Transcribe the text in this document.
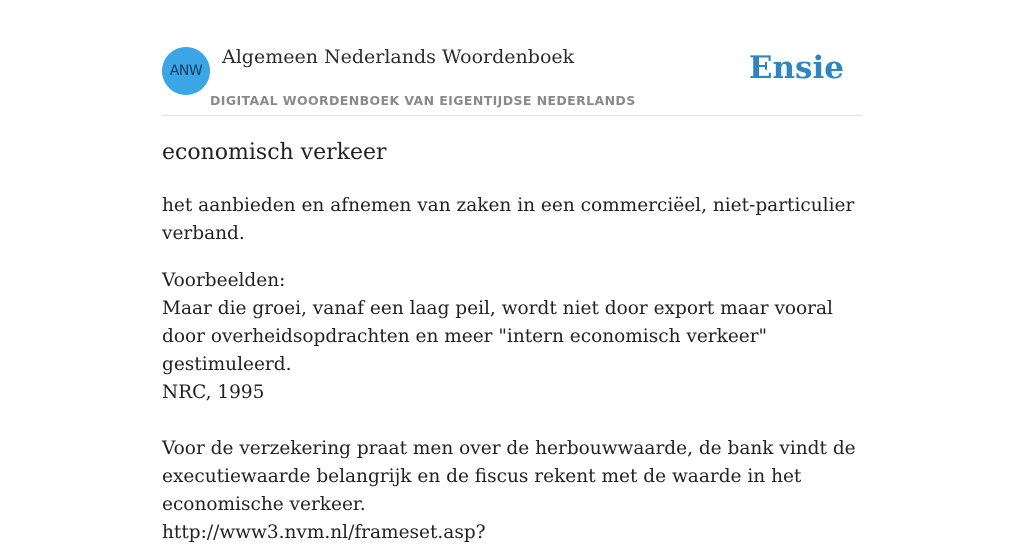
ANW
Algemeen Nederlands Woordenboek
DIGITAAL WOORDENBOEK VAN EIGENTIJDSE NEDERLANDS
Ensie
economisch verkeer
het aanbieden en afnemen van zaken in een commerciëel, niet-particulier verband.
Voorbeelden:
Maar die groei, vanaf een laag peil, wordt niet door export maar vooral door overheidsopdrachten en meer "intern economisch verkeer" gestimuleerd.
NRC, 1995
Voor de verzekering praat men over de herbouwwaarde, de bank vindt de executiewaarde belangrijk en de fiscus rekent met de waarde in het economische verkeer.
http://www3.nvm.nl/frameset.asp?
